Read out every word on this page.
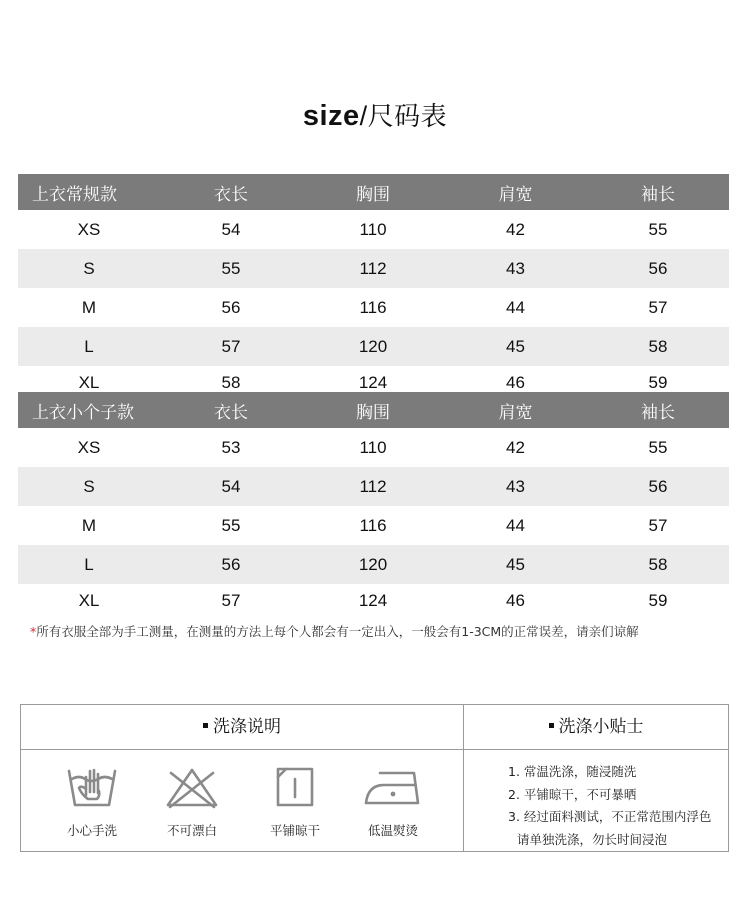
size/尺码表
上衣常规款	衣长	胸围	肩宽	袖长
XS	54	110	42	55
S	55	112	43	56
M	56	116	44	57
L	57	120	45	58
XL	58	124	46	59
上衣小个子款	衣长	胸围	肩宽	袖长
XS	53	110	42	55
S	54	112	43	56
M	55	116	44	57
L	56	120	45	58
XL	57	124	46	59
*所有衣服全部为手工测量，在测量的方法上每个人都会有一定出入，一般会有1-3CM的正常误差，请亲们谅解
洗涤说明	洗涤小贴士
小心手洗	不可漂白	平铺晾干	低温熨烫
1. 常温洗涤，随浸随洗
2. 平铺晾干，不可暴晒
3. 经过面料测试，不正常范围内浮色
请单独洗涤，勿长时间浸泡
